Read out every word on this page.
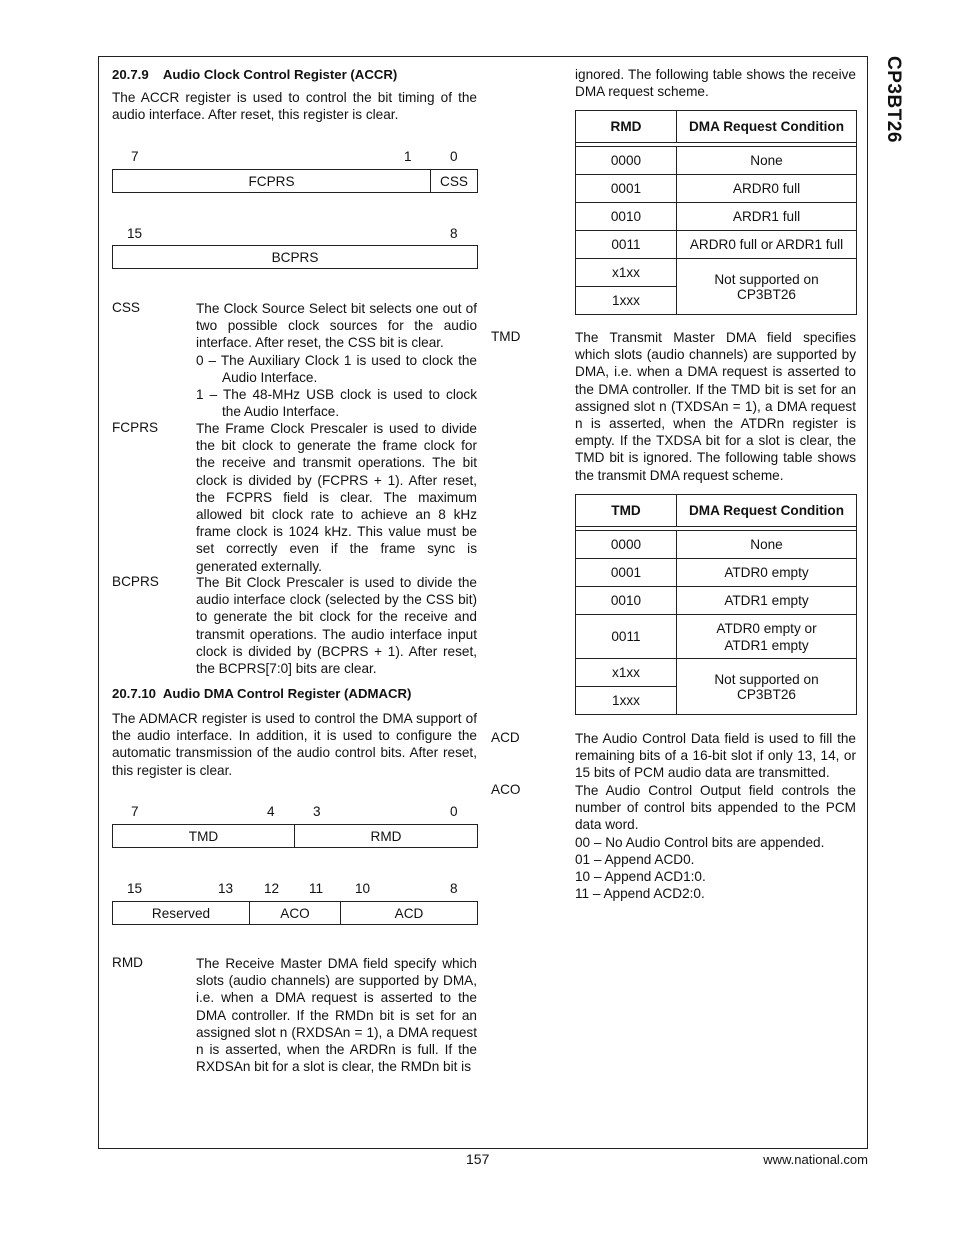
CP3BT26
20.7.9    Audio Clock Control Register (ACCR)
The ACCR register is used to control the bit timing of the audio interface. After reset, this register is clear.
7	1	0
FCPRS	CSS
15	8
BCPRS
CSS	The Clock Source Select bit selects one out of two possible clock sources for the audio interface. After reset, the CSS bit is clear.
0 – The Auxiliary Clock 1 is used to clock the Audio Interface.
1 – The 48-MHz USB clock is used to clock the Audio Interface.
FCPRS	The Frame Clock Prescaler is used to divide the bit clock to generate the frame clock for the receive and transmit operations. The bit clock is divided by (FCPRS + 1). After reset, the FCPRS field is clear. The maximum allowed bit clock rate to achieve an 8 kHz frame clock is 1024 kHz. This value must be set correctly even if the frame sync is generated externally.
BCPRS	The Bit Clock Prescaler is used to divide the audio interface clock (selected by the CSS bit) to generate the bit clock for the receive and transmit operations. The audio interface input clock is divided by (BCPRS + 1). After reset, the BCPRS[7:0] bits are clear.
20.7.10  Audio DMA Control Register (ADMACR)
The ADMACR register is used to control the DMA support of the audio interface. In addition, it is used to configure the automatic transmission of the audio control bits. After reset, this register is clear.
7	4	3	0
TMD	RMD
15	13 12 11 10	8
Reserved	ACO	ACD
RMD	The Receive Master DMA field specify which slots (audio channels) are supported by DMA, i.e. when a DMA request is asserted to the DMA controller. If the RMDn bit is set for an assigned slot n (RXDSAn = 1), a DMA request n is asserted, when the ARDRn is full. If the RXDSAn bit for a slot is clear, the RMDn bit is
ignored. The following table shows the receive DMA request scheme.
RMD	DMA Request Condition

0000	None
0001	ARDR0 full
0010	ARDR1 full
0011	ARDR0 full or ARDR1 full
x1xx	Not supported on CP3BT26
1xxx	
TMD	The Transmit Master DMA field specifies which slots (audio channels) are supported by DMA, i.e. when a DMA request is asserted to the DMA controller. If the TMD bit is set for an assigned slot n (TXDSAn = 1), a DMA request n is asserted, when the ATDRn register is empty. If the TXDSA bit for a slot is clear, the TMD bit is ignored. The following table shows the transmit DMA request scheme.
TMD	DMA Request Condition

0000	None
0001	ATDR0 empty
0010	ATDR1 empty
0011	ATDR0 empty or ATDR1 empty
x1xx	Not supported on CP3BT26
1xxx	
ACD	The Audio Control Data field is used to fill the remaining bits of a 16-bit slot if only 13, 14, or 15 bits of PCM audio data are transmitted.
ACO	The Audio Control Output field controls the number of control bits appended to the PCM data word.
00 – No Audio Control bits are appended.
01 – Append ACD0.
10 – Append ACD1:0.
11 – Append ACD2:0.
157	www.national.com
